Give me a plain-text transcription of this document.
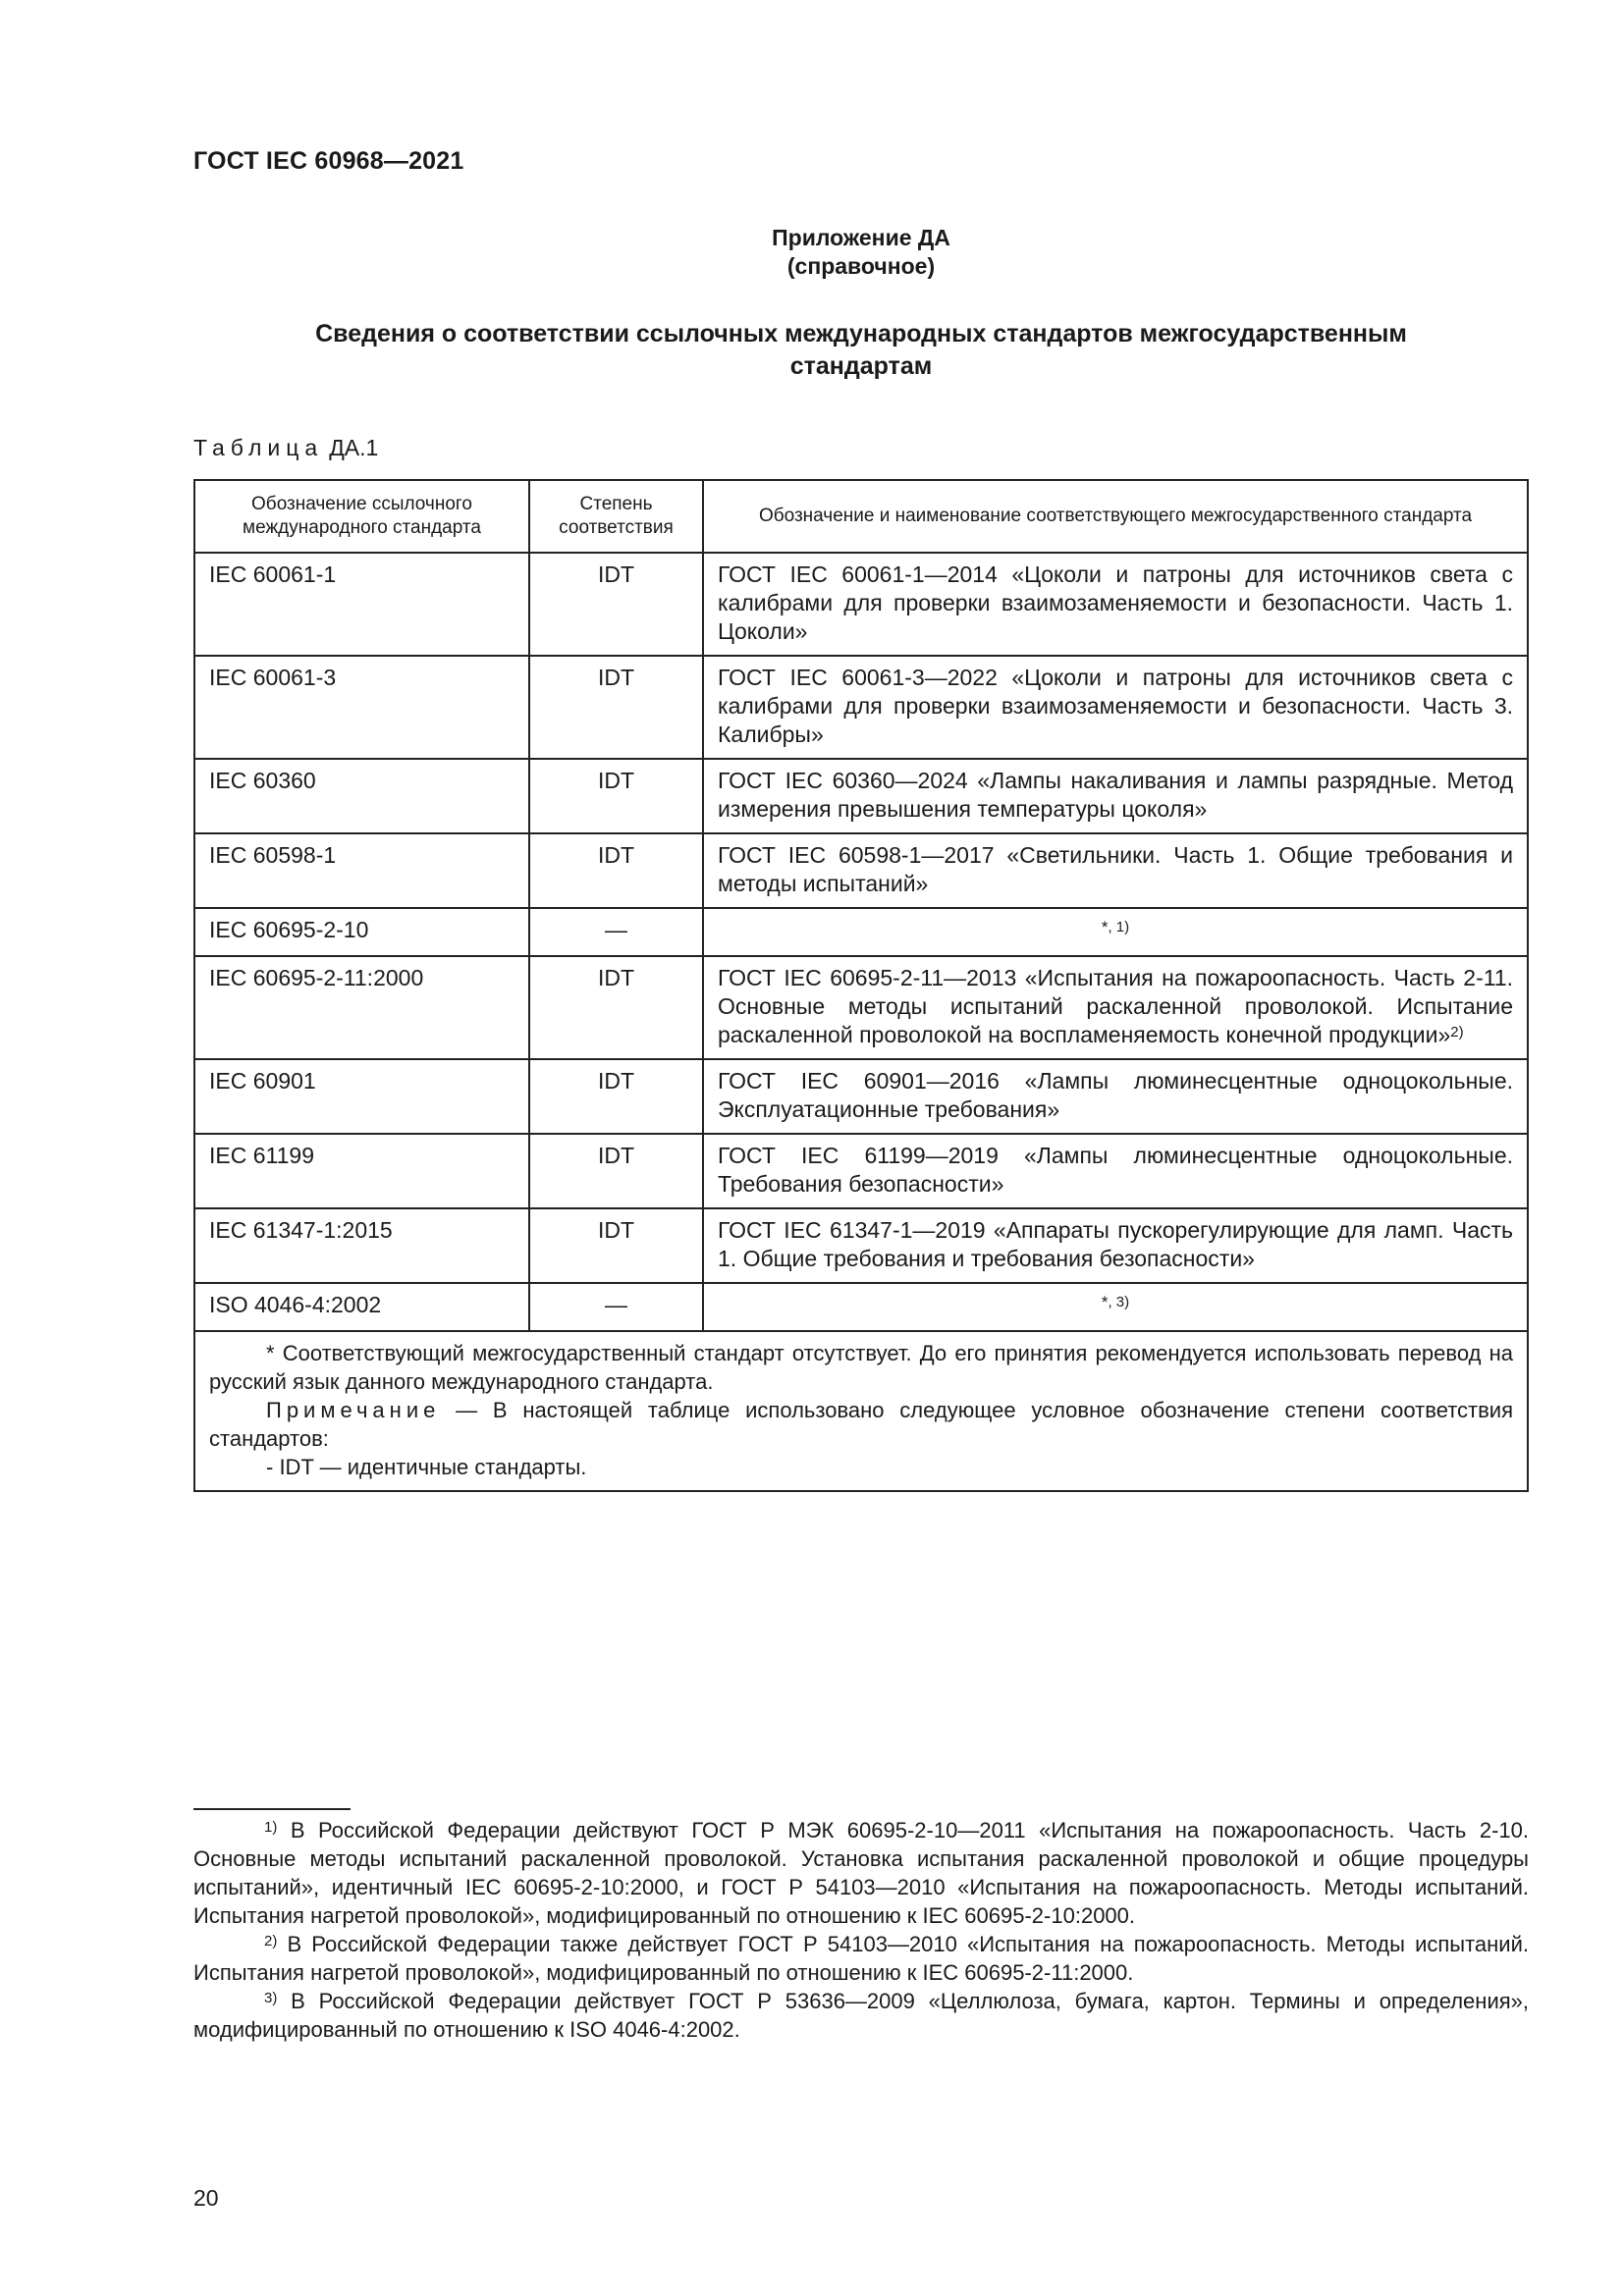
ГОСТ IEC 60968—2021
Приложение ДА
(справочное)
Сведения о соответствии ссылочных международных стандартов межгосударственным
стандартам
Таблица ДА.1
Обозначение ссылочного международного стандарта	Степень соответствия	Обозначение и наименование соответствующего межгосударственного стандарта
IEC 60061-1	IDT	ГОСТ IEC 60061-1—2014 «Цоколи и патроны для источников света с калибрами для проверки взаимозаменяемости и безопасности. Часть 1. Цоколи»
IEC 60061-3	IDT	ГОСТ IEC 60061-3—2022 «Цоколи и патроны для источников света с калибрами для проверки взаимозаменяемости и безопасности. Часть 3. Калибры»
IEC 60360	IDT	ГОСТ IEC 60360—2024 «Лампы накаливания и лампы разрядные. Метод измерения превышения температуры цоколя»
IEC 60598-1	IDT	ГОСТ IEC 60598-1—2017 «Светильники. Часть 1. Общие требования и методы испытаний»
IEC 60695-2-10	—	$^{*, 1)}$
IEC 60695-2-11:2000	IDT	ГОСТ IEC 60695-2-11—2013 «Испытания на пожароопасность. Часть 2-11. Основные методы испытаний раскаленной проволокой. Испытание раскаленной проволокой на воспламеняемость конечной продукции»$^{2)}$
IEC 60901	IDT	ГОСТ IEC 60901—2016 «Лампы люминесцентные одноцокольные. Эксплуатационные требования»
IEC 61199	IDT	ГОСТ IEC 61199—2019 «Лампы люминесцентные одноцокольные. Требования безопасности»
IEC 61347-1:2015	IDT	ГОСТ IEC 61347-1—2019 «Аппараты пускорегулирующие для ламп. Часть 1. Общие требования и требования безопасности»
ISO 4046-4:2002	—	$^{*, 3)}$

* Соответствующий межгосударственный стандарт отсутствует. До его принятия рекомендуется использовать перевод на русский язык данного международного стандарта.

Примечание — В настоящей таблице использовано следующее условное обозначение степени соответствия стандартов:

- IDT — идентичные стандарты.		

$^{1)}$ В Российской Федерации действуют ГОСТ Р МЭК 60695-2-10—2011 «Испытания на пожароопасность. Часть 2-10. Основные методы испытаний раскаленной проволокой. Установка испытания раскаленной проволокой и общие процедуры испытаний», идентичный IEC 60695-2-10:2000, и ГОСТ Р 54103—2010 «Испытания на пожароопасность. Методы испытаний. Испытания нагретой проволокой», модифицированный по отношению к IEC 60695-2-10:2000.

$^{2)}$ В Российской Федерации также действует ГОСТ Р 54103—2010 «Испытания на пожароопасность. Методы испытаний. Испытания нагретой проволокой», модифицированный по отношению к IEC 60695-2-11:2000.

$^{3)}$ В Российской Федерации действует ГОСТ Р 53636—2009 «Целлюлоза, бумага, картон. Термины и определения», модифицированный по отношению к ISO 4046-4:2002.

20
